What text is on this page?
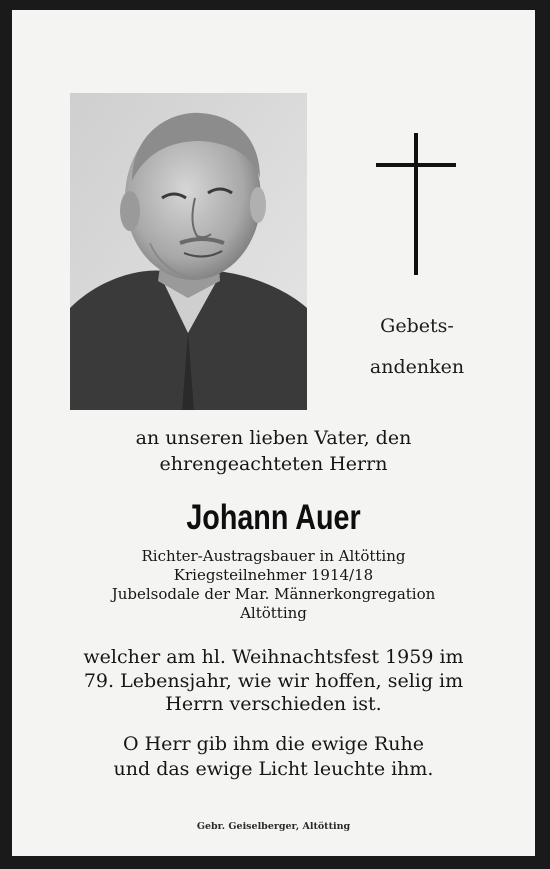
Gebets-
andenken
an unseren lieben Vater, den
ehrengeachteten Herrn
Johann Auer
Richter-Austragsbauer in Altötting
Kriegsteilnehmer 1914/18
Jubelsodale der Mar. Männerkongregation
Altötting
welcher am hl. Weihnachtsfest 1959 im
79. Lebensjahr, wie wir hoffen, selig im
Herrn verschieden ist.
O Herr gib ihm die ewige Ruhe
und das ewige Licht leuchte ihm.
Gebr. Geiselberger, Altötting
